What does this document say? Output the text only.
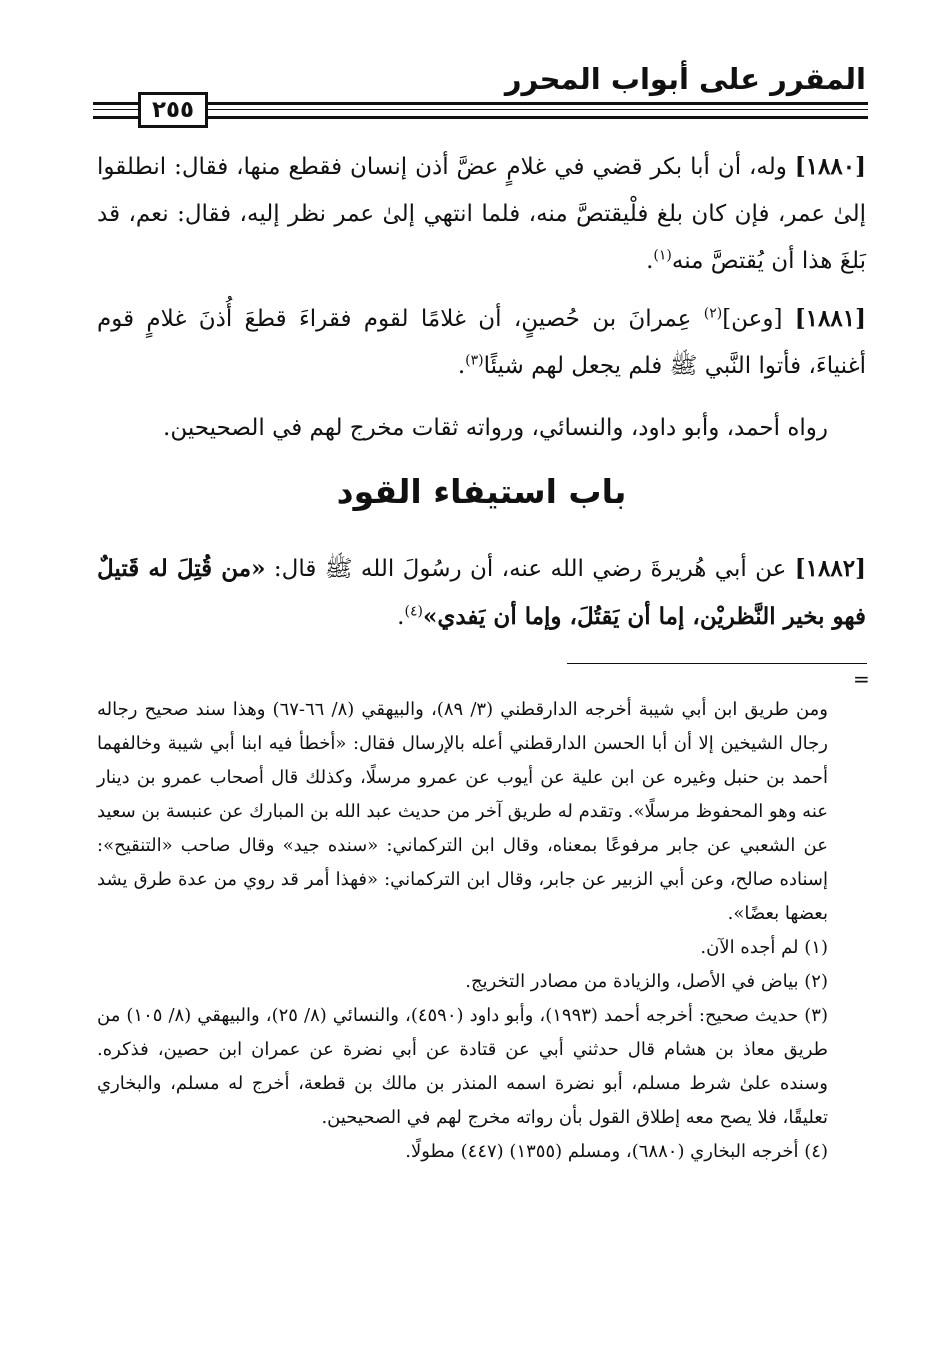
المقرر على أبواب المحرر
٢٥٥
[١٨٨٠] وله، أن أبا بكر قضي في غلامٍ عضَّ أذن إنسان فقطع منها، فقال: انطلقوا إلىٰ عمر، فإن كان بلغ فلْيقتصَّ منه، فلما انتهي إلىٰ عمر نظر إليه، فقال: نعم، قد بَلغَ هذا أن يُقتصَّ منه$^{(١)}$.
[١٨٨١] [وعن]$^{(٢)}$ عِمرانَ بن حُصينٍ، أن غلامًا لقوم فقراءَ قطعَ أُذنَ غلامٍ قوم أغنياءَ، فأتوا النَّبي ﷺ فلم يجعل لهم شيئًا$^{(٣)}$.
رواه أحمد، وأبو داود، والنسائي، ورواته ثقات مخرج لهم في الصحيحين.
باب استيفاء القود
[١٨٨٢] عن أبي هُريرةَ رضي الله عنه، أن رسُولَ الله ﷺ قال: «من قُتِلَ له قَتيلٌ فهو بخير النَّظريْن، إما أن يَقتُلَ، وإما أن يَفدي»$^{(٤)}$.
=

ومن طريق ابن أبي شيبة أخرجه الدارقطني (٣/ ٨٩)، والبيهقي (٨/ ٦٦-٦٧) وهذا سند صحيح رجاله رجال الشيخين إلا أن أبا الحسن الدارقطني أعله بالإرسال فقال: «أخطأ فيه ابنا أبي شيبة وخالفهما أحمد بن حنبل وغيره عن ابن علية عن أيوب عن عمرو مرسلًا، وكذلك قال أصحاب عمرو بن دينار عنه وهو المحفوظ مرسلًا». وتقدم له طريق آخر من حديث عبد الله بن المبارك عن عنبسة بن سعيد عن الشعبي عن جابر مرفوعًا بمعناه، وقال ابن التركماني: «سنده جيد» وقال صاحب «التنقيح»: إسناده صالح، وعن أبي الزبير عن جابر، وقال ابن التركماني: «فهذا أمر قد روي من عدة طرق يشد بعضها بعضًا».

(١) لم أجده الآن.

(٢) بياض في الأصل، والزيادة من مصادر التخريج.

(٣) حديث صحيح: أخرجه أحمد (١٩٩٣)، وأبو داود (٤٥٩٠)، والنسائي (٨/ ٢٥)، والبيهقي (٨/ ١٠٥) من طريق معاذ بن هشام قال حدثني أبي عن قتادة عن أبي نضرة عن عمران ابن حصين، فذكره. وسنده علىٰ شرط مسلم، أبو نضرة اسمه المنذر بن مالك بن قطعة، أخرج له مسلم، والبخاري تعليقًا، فلا يصح معه إطلاق القول بأن رواته مخرج لهم في الصحيحين.

(٤) أخرجه البخاري (٦٨٨٠)، ومسلم (١٣٥٥) (٤٤٧) مطولًا.
